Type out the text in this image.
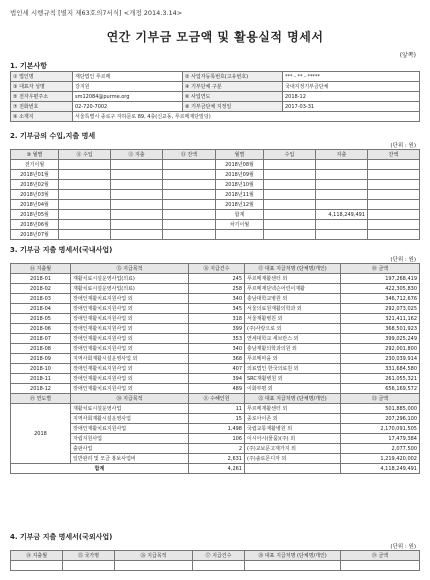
법인세 시행규칙 [별지 제63호의7서식] <개정 2014.3.14>
연간 기부금 모금액 및 활용실적 명세서
(앞쪽)
1. 기본사항
① 법인명	재단법인 푸르메	② 사업자등록번호(고유번호)	*** - ** - *****
③ 대표자 성명	강지원	④ 기부단체 구분	국내지정기부금단체
⑤ 전자우편주소	sm12084@purme.org	⑥ 사업연도	2018-12
⑦ 전화번호	02-720-7002	⑧ 기부금단체 지정일	2017-03-31
⑨ 소재지	서울특별시 종로구 자하문로 89, 4층(신교동, 푸르메재단빌딩)		
2. 기부금의 수입,지출 명세
(단위 : 원)
⑩ 월별	⑪ 수입	⑫ 지출	⑬ 잔액	월별	수입	지출	잔액
전기이월				2018년08월			
2018년01월				2018년09월			
2018년02월				2018년10월			
2018년03월				2018년11월			
2018년04월				2018년12월			
2018년05월				합계		4,118,249,491	
2018년06월				차기이월			
2018년07월							
3. 기부금 지출 명세서(국내사업)
(단위 : 원)
⑭ 지출월	⑮ 지급목적	⑯ 지급건수	⑰ 대표 지급처명 (단체명/개인)	⑱ 금액
2018-01	재활치료시설운영사업(의료)	245	푸르메재활센터 외	197,268,419
2018-02	재활치료시설운영사업(의료)	258	푸르메재단넥슨어린이재활	422,305,830
2018-03	장애인재활치료지원사업 외	340	충남대학교병원 외	346,712,676
2018-04	장애인재활치료지원사업 외	345	서울의료원재활의학과 외	292,073,025
2018-05	장애인재활치료지원사업 외	318	서울재활병원 외	321,411,162
2018-06	장애인재활치료지원사업 외	399	(주)사랑으로 외	368,501,923
2018-07	장애인재활치료지원사업 외	353	연세대학교 세브란스 외	399,025,249
2018-08	장애인재활치료지원사업 외	340	충남재활의학과의원 외	292,001,800
2018-09	지역사회재활시설운영사업 외	368	푸르메마을 외	230,039,914
2018-10	장애인재활치료지원사업 외	407	의료법인 한국의료원 외	331,684,580
2018-11	장애인재활치료지원사업 외	394	SRC재활병원 외	261,055,321
2018-12	장애인재활치료지원사업 외	489	이화부평 외	656,169,572
⑲ 연도별	⑳ 지급목적	㉑ 수혜인원	㉒ 대표 지급처명 (단체명/개인)	㉓ 금액
2018	재활치료시설운영사업	11	푸르메재활센터 외	501,885,000
	지역사회재활시설운영사업	15	종로아이존 외	207,296,100
	장애인재활치료지원사업	1,498	국립교통재활병원 외	2,170,091,505
	자립지원사업	106	이시아시(물품)(주) 외	17,479,384
	출판사업	2	(주)교보문고재가지 외	2,077,500
	일반관리 및 모금 홍보사업비	2,631	(주)솔로몬디자 외	1,219,420,002
합계		4,261		4,118,249,491
4. 기부금 지출 명세서(국외사업)
(단위 : 원)
㉔ 지출월	㉕ 국가명	㉖ 지급목적	㉗ 지급건수	㉘ 대표 지급처명 (단체명/개인)	㉙ 금액
